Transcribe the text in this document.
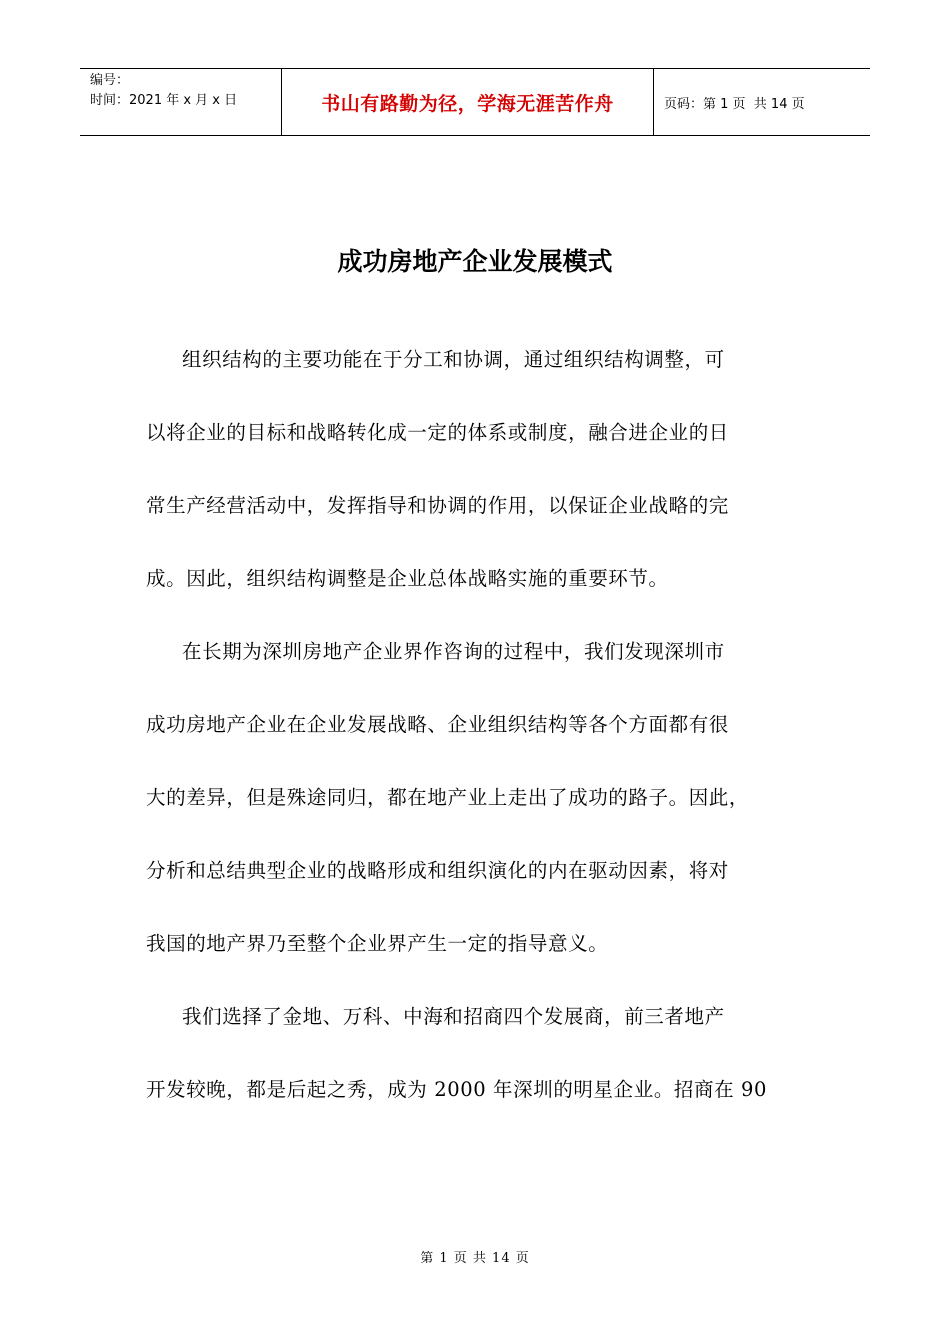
编号：
时间：2021 年 x 月 x 日	书山有路勤为径，学海无涯苦作舟	页码：第 1 页  共 14 页
成功房地产企业发展模式
组织结构的主要功能在于分工和协调，通过组织结构调整，可
以将企业的目标和战略转化成一定的体系或制度，融合进企业的日
常生产经营活动中，发挥指导和协调的作用，以保证企业战略的完
成。因此，组织结构调整是企业总体战略实施的重要环节。
在长期为深圳房地产企业界作咨询的过程中，我们发现深圳市
成功房地产企业在企业发展战略、企业组织结构等各个方面都有很
大的差异，但是殊途同归，都在地产业上走出了成功的路子。因此，
分析和总结典型企业的战略形成和组织演化的内在驱动因素，将对
我国的地产界乃至整个企业界产生一定的指导意义。
我们选择了金地、万科、中海和招商四个发展商，前三者地产
开发较晚，都是后起之秀，成为 2000 年深圳的明星企业。招商在 90
第 1 页 共 14 页
